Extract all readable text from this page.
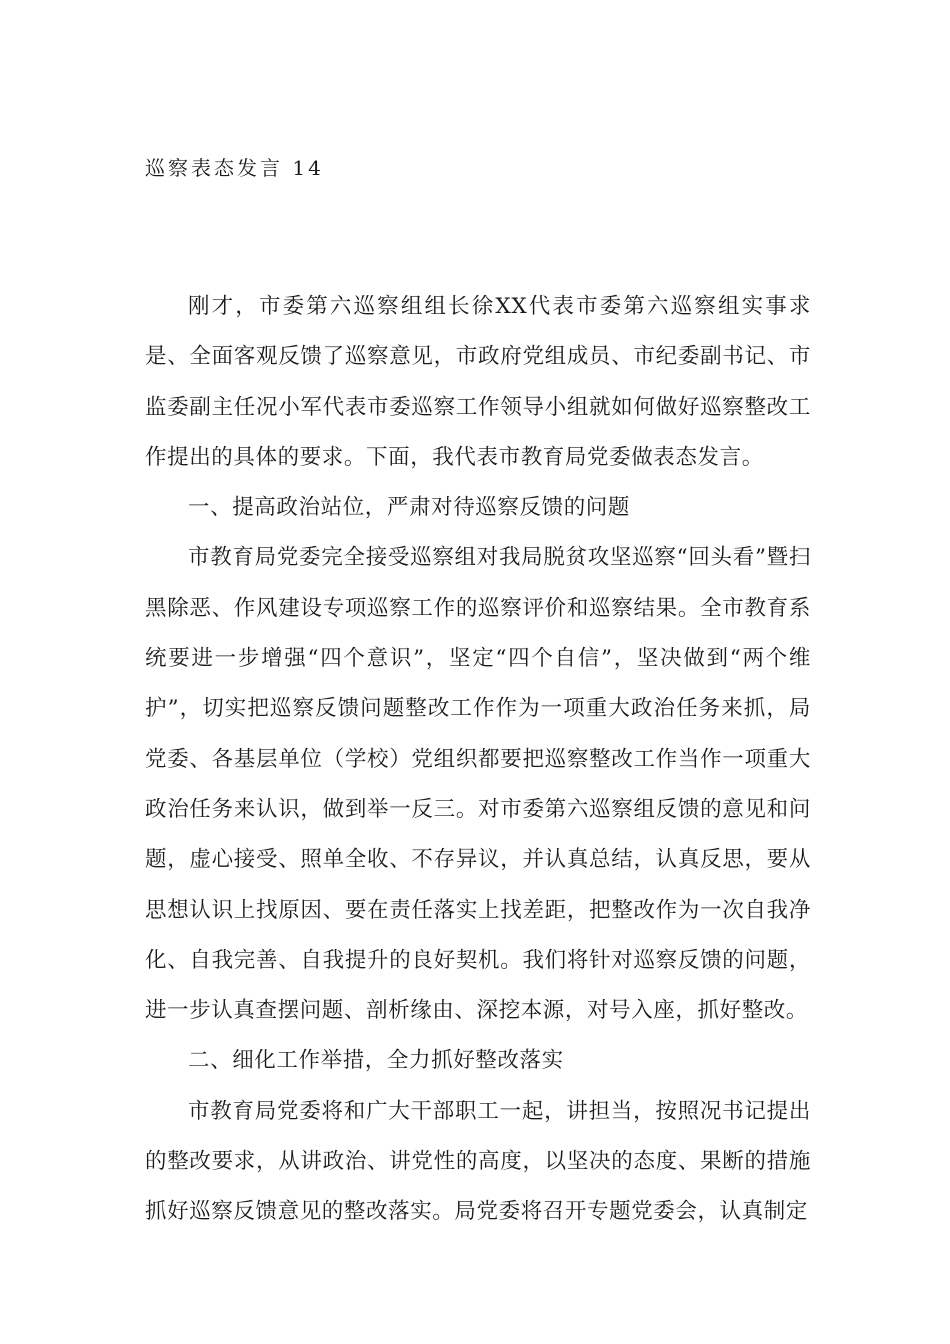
巡察表态发言 14

刚才，市委第六巡察组组长徐XX代表市委第六巡察组实事求是、全面客观反馈了巡察意见，市政府党组成员、市纪委副书记、市监委副主任况小军代表市委巡察工作领导小组就如何做好巡察整改工作提出的具体的要求。下面，我代表市教育局党委做表态发言。

一、提高政治站位，严肃对待巡察反馈的问题

市教育局党委完全接受巡察组对我局脱贫攻坚巡察“回头看”暨扫黑除恶、作风建设专项巡察工作的巡察评价和巡察结果。全市教育系统要进一步增强“四个意识”，坚定“四个自信”，坚决做到“两个维护”，切实把巡察反馈问题整改工作作为一项重大政治任务来抓，局党委、各基层单位（学校）党组织都要把巡察整改工作当作一项重大政治任务来认识，做到举一反三。对市委第六巡察组反馈的意见和问题，虚心接受、照单全收、不存异议，并认真总结，认真反思，要从思想认识上找原因、要在责任落实上找差距，把整改作为一次自我净化、自我完善、自我提升的良好契机。我们将针对巡察反馈的问题，进一步认真查摆问题、剖析缘由、深挖本源，对号入座，抓好整改。

二、细化工作举措，全力抓好整改落实

市教育局党委将和广大干部职工一起，讲担当，按照况书记提出的整改要求，从讲政治、讲党性的高度，以坚决的态度、果断的措施抓好巡察反馈意见的整改落实。局党委将召开专题党委会，认真制定
